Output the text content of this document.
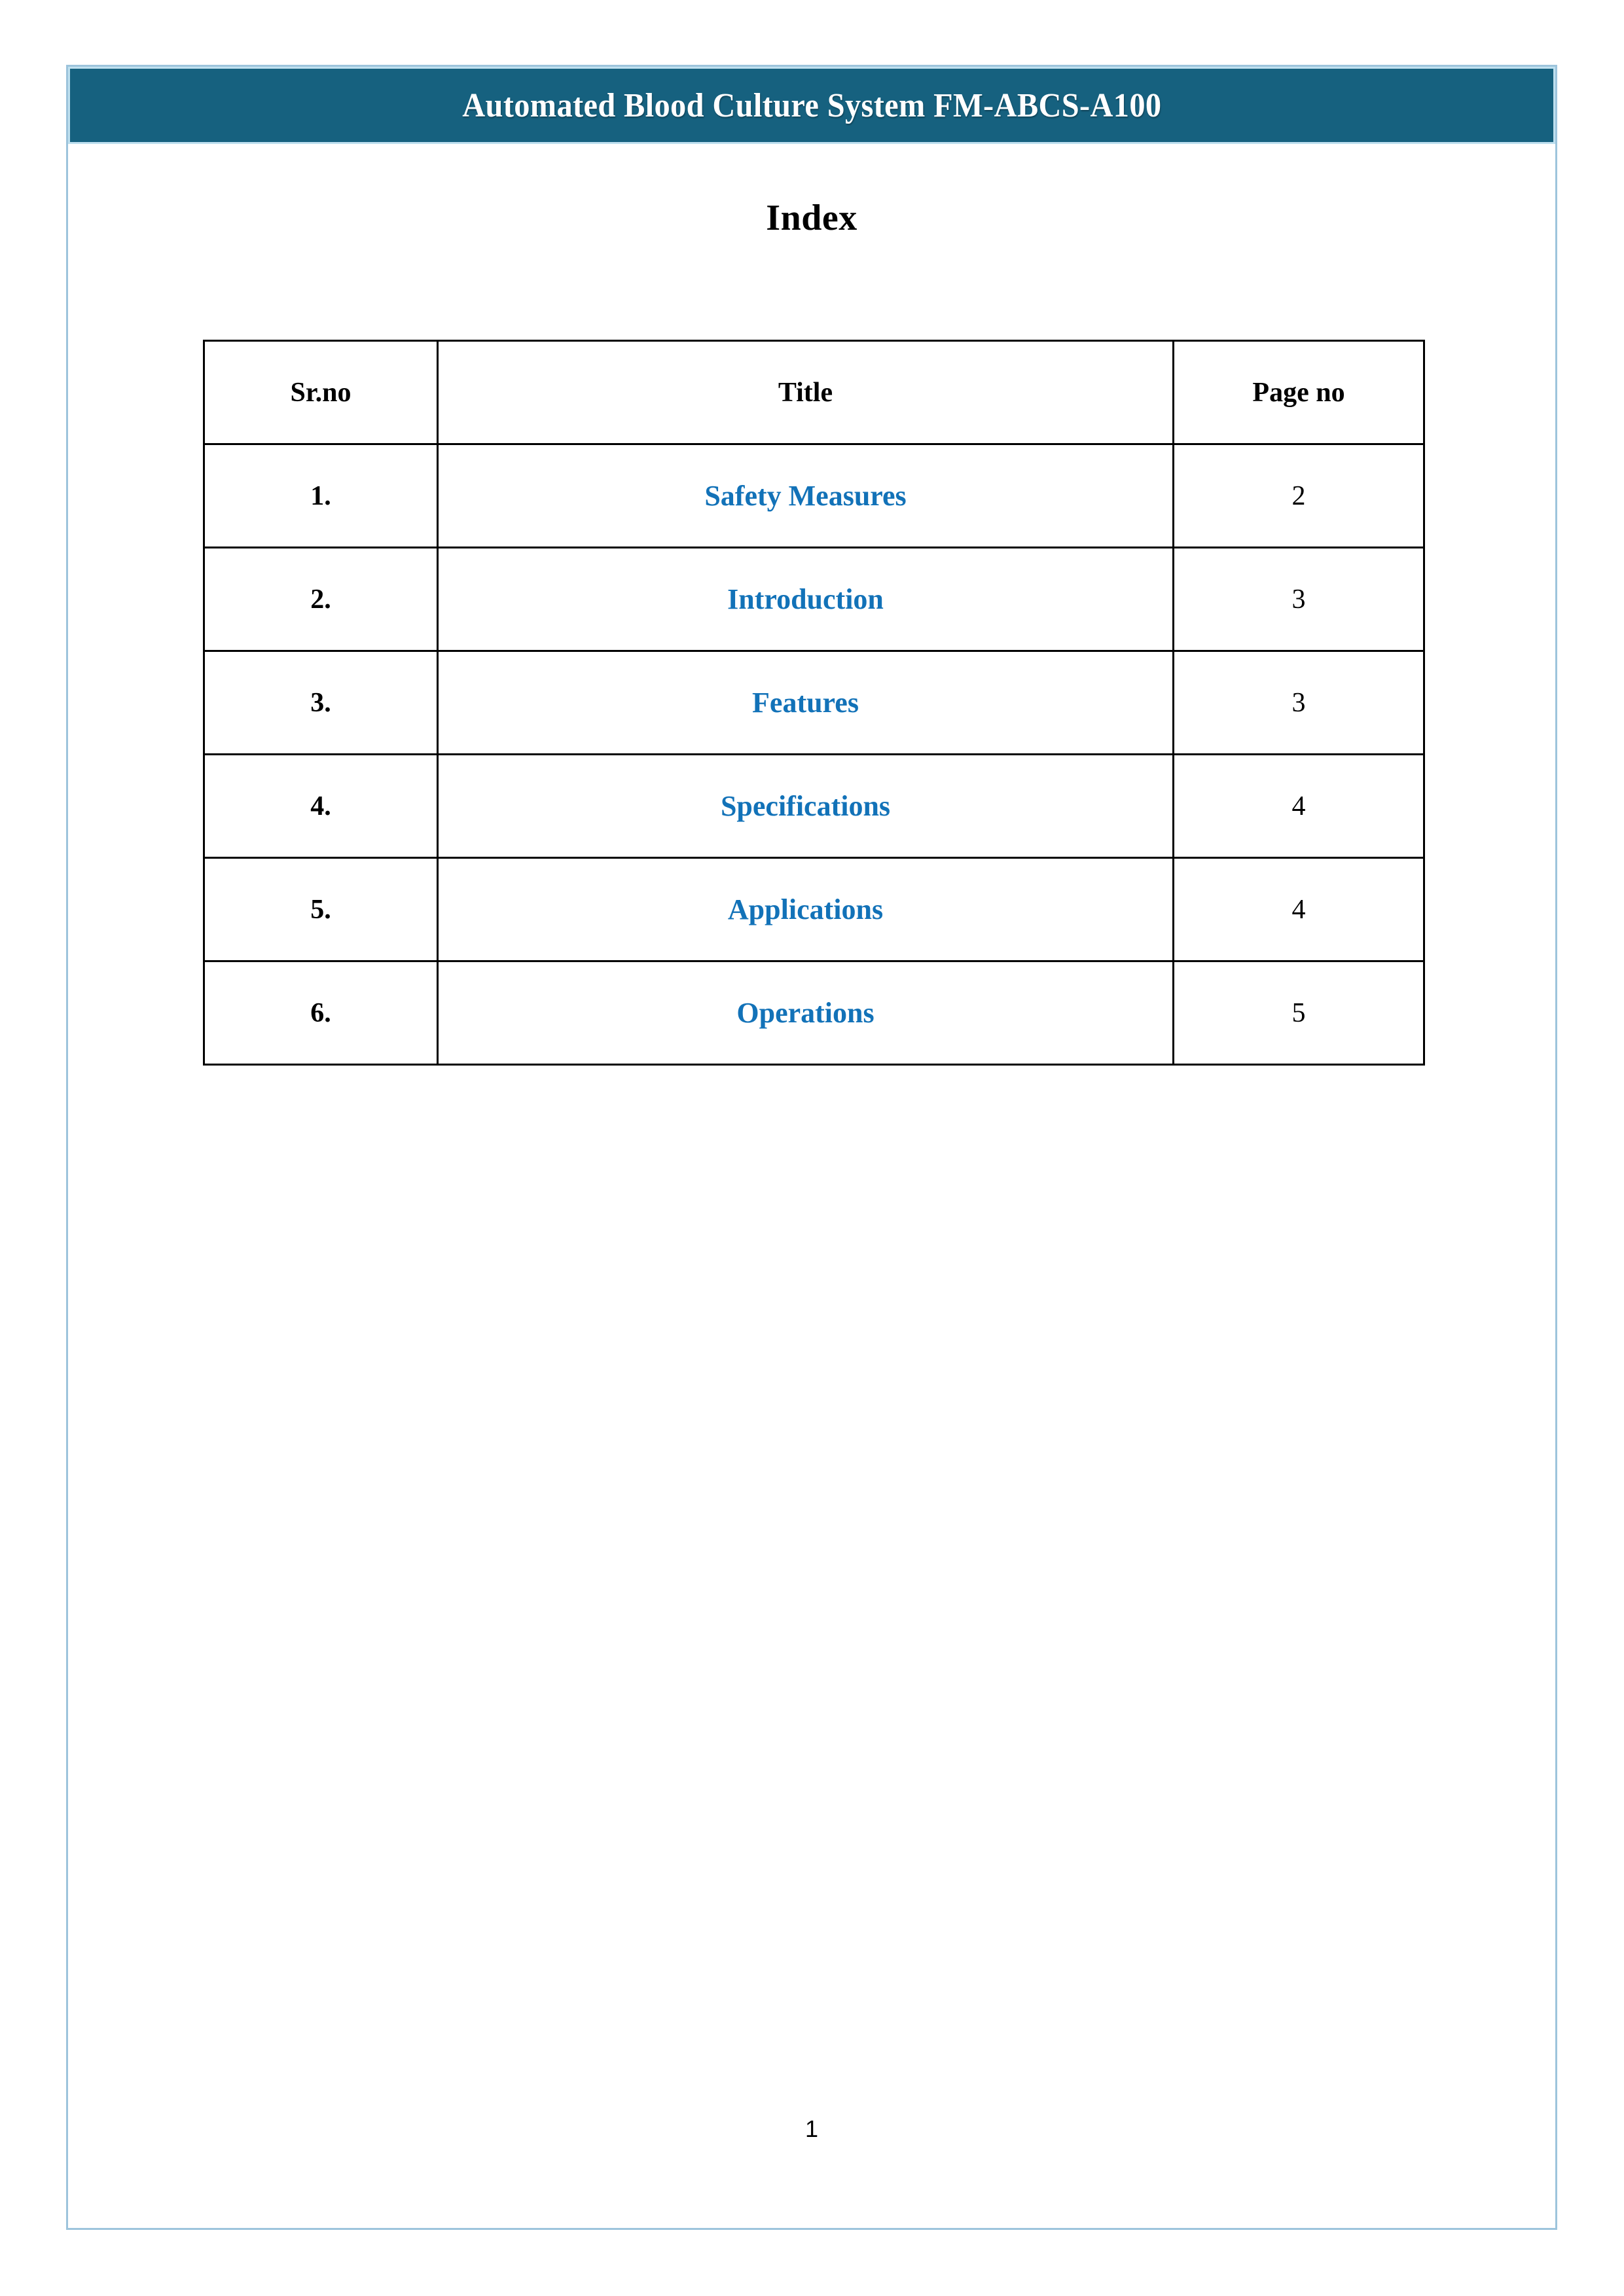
Automated Blood Culture System FM-ABCS-A100
Index
Sr.no	Title	Page no
1.	Safety Measures	2
2.	Introduction	3
3.	Features	3
4.	Specifications	4
5.	Applications	4
6.	Operations	5
1
